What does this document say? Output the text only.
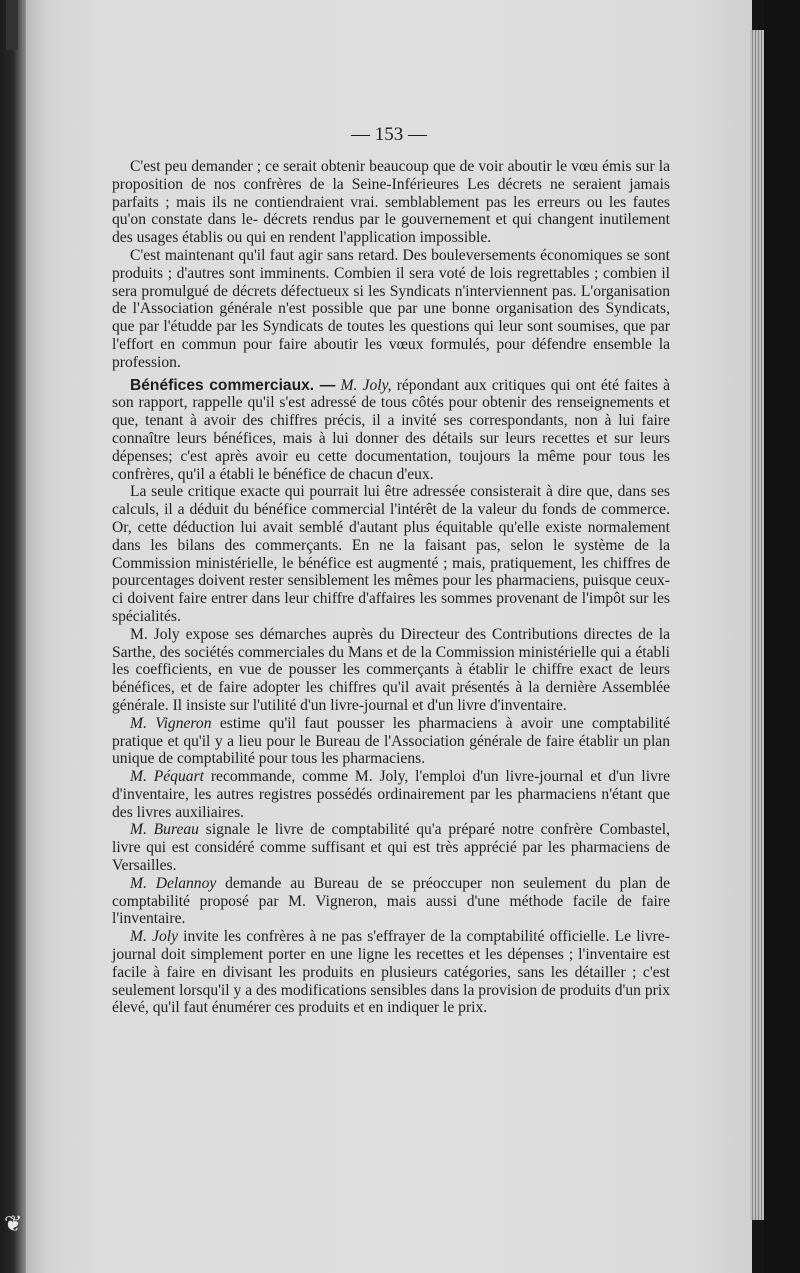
❦
— 153 —

C'est peu demander ; ce serait obtenir beaucoup que de voir aboutir le vœu émis sur la proposition de nos confrères de la Seine-Inférieures Les décrets ne seraient jamais parfaits ; mais ils ne contiendraient vrai. semblablement pas les erreurs ou les fautes qu'on constate dans le- décrets rendus par le gouvernement et qui changent inutilement des usages établis ou qui en rendent l'application impossible.

C'est maintenant qu'il faut agir sans retard. Des bouleversements économiques se sont produits ; d'autres sont imminents. Combien il sera voté de lois regrettables ; combien il sera promulgué de décrets défectueux si les Syndicats n'interviennent pas. L'organisation de l'Association générale n'est possible que par une bonne organisation des Syndicats, que par l'étudde par les Syndicats de toutes les questions qui leur sont soumises, que par l'effort en commun pour faire aboutir les vœux formulés, pour défendre ensemble la profession.

Bénéfices commerciaux. — M. Joly, répondant aux critiques qui ont été faites à son rapport, rappelle qu'il s'est adressé de tous côtés pour obtenir des renseignements et que, tenant à avoir des chiffres précis, il a invité ses correspondants, non à lui faire connaître leurs bénéfices, mais à lui donner des détails sur leurs recettes et sur leurs dépenses; c'est après avoir eu cette documentation, toujours la même pour tous les confrères, qu'il a établi le bénéfice de chacun d'eux.

La seule critique exacte qui pourrait lui être adressée consisterait à dire que, dans ses calculs, il a déduit du bénéfice commercial l'intérêt de la valeur du fonds de commerce. Or, cette déduction lui avait semblé d'autant plus équitable qu'elle existe normalement dans les bilans des commerçants. En ne la faisant pas, selon le système de la Commission ministérielle, le bénéfice est augmenté ; mais, pratiquement, les chiffres de pourcentages doivent rester sensiblement les mêmes pour les pharmaciens, puisque ceux-ci doivent faire entrer dans leur chiffre d'affaires les sommes provenant de l'impôt sur les spécialités.

M. Joly expose ses démarches auprès du Directeur des Contributions directes de la Sarthe, des sociétés commerciales du Mans et de la Commission ministérielle qui a établi les coefficients, en vue de pousser les commerçants à établir le chiffre exact de leurs bénéfices, et de faire adopter les chiffres qu'il avait présentés à la dernière Assemblée générale. Il insiste sur l'utilité d'un livre-journal et d'un livre d'inventaire.

M. Vigneron estime qu'il faut pousser les pharmaciens à avoir une comptabilité pratique et qu'il y a lieu pour le Bureau de l'Association générale de faire établir un plan unique de comptabilité pour tous les pharmaciens.

M. Péquart recommande, comme M. Joly, l'emploi d'un livre-journal et d'un livre d'inventaire, les autres registres possédés ordinairement par les pharmaciens n'étant que des livres auxiliaires.

M. Bureau signale le livre de comptabilité qu'a préparé notre confrère Combastel, livre qui est considéré comme suffisant et qui est très apprécié par les pharmaciens de Versailles.

M. Delannoy demande au Bureau de se préoccuper non seulement du plan de comptabilité proposé par M. Vigneron, mais aussi d'une méthode facile de faire l'inventaire.

M. Joly invite les confrères à ne pas s'effrayer de la comptabilité officielle. Le livre-journal doit simplement porter en une ligne les recettes et les dépenses ; l'inventaire est facile à faire en divisant les produits en plusieurs catégories, sans les détailler ; c'est seulement lorsqu'il y a des modifications sensibles dans la provision de produits d'un prix élevé, qu'il faut énumérer ces produits et en indiquer le prix.
